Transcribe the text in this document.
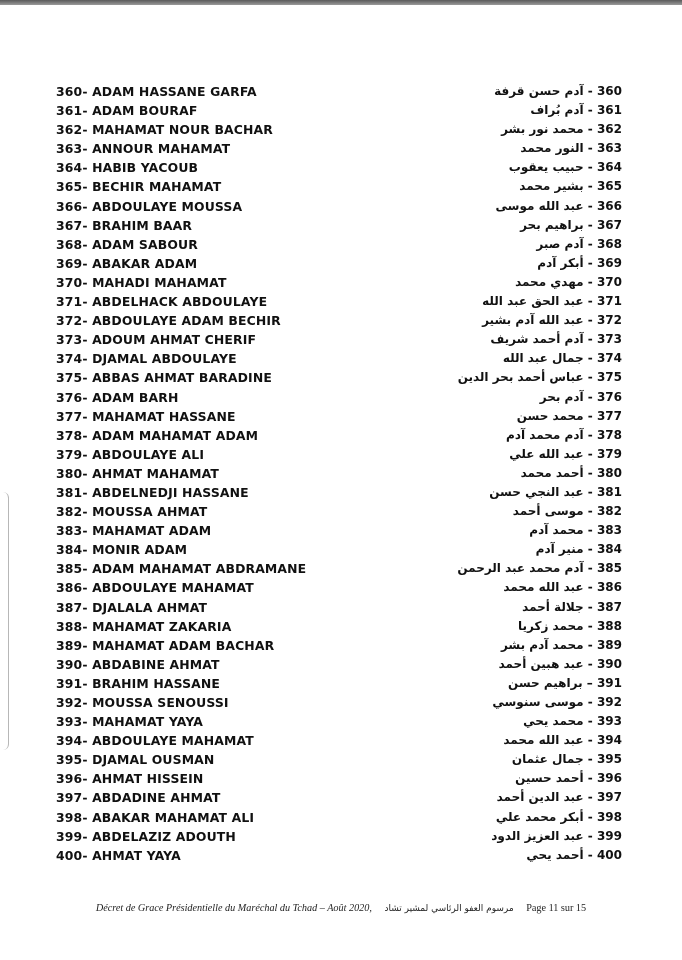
360- ADAM HASSANE GARFA	360 - آدم حسن قرفة
361- ADAM BOURAF	361 - آدم بُراف
362- MAHAMAT NOUR BACHAR	362 - محمد نور بشر
363- ANNOUR MAHAMAT	363 - النور محمد
364- HABIB YACOUB	364 - حبيب يعقوب
365- BECHIR MAHAMAT	365 - بشير محمد
366- ABDOULAYE MOUSSA	366 - عبد الله موسى
367- BRAHIM BAAR	367 - براهيم بحر
368- ADAM SABOUR	368 - آدم صبر
369- ABAKAR ADAM	369 - أبكر آدم
370- MAHADI MAHAMAT	370 - مهدي محمد
371- ABDELHACK ABDOULAYE	371 - عبد الحق عبد الله
372- ABDOULAYE ADAM BECHIR	372 - عبد الله آدم بشير
373- ADOUM AHMAT CHERIF	373 - آدم أحمد شريف
374- DJAMAL ABDOULAYE	374 - جمال عبد الله
375- ABBAS AHMAT BARADINE	375 - عباس أحمد بحر الدين
376- ADAM BARH	376 - آدم بحر
377- MAHAMAT HASSANE	377 - محمد حسن
378- ADAM MAHAMAT ADAM	378 - آدم محمد آدم
379- ABDOULAYE ALI	379 - عبد الله علي
380- AHMAT MAHAMAT	380 - أحمد محمد
381- ABDELNEDJI HASSANE	381 - عبد النجي حسن
382- MOUSSA AHMAT	382 - موسى أحمد
383- MAHAMAT ADAM	383 - محمد آدم
384- MONIR ADAM	384 - منير آدم
385- ADAM MAHAMAT ABDRAMANE	385 - آدم محمد عبد الرحمن
386- ABDOULAYE MAHAMAT	386 - عبد الله محمد
387- DJALALA AHMAT	387 - جلالة أحمد
388- MAHAMAT ZAKARIA	388 - محمد زكريا
389- MAHAMAT ADAM BACHAR	389 - محمد آدم بشر
390- ABDABINE AHMAT	390 - عبد هبين أحمد
391- BRAHIM HASSANE	391 – براهيم حسن
392- MOUSSA SENOUSSI	392 - موسى سنوسي
393- MAHAMAT YAYA	393 - محمد يحي
394- ABDOULAYE MAHAMAT	394 - عبد الله محمد
395- DJAMAL OUSMAN	395 - جمال عثمان
396- AHMAT HISSEIN	396 - أحمد حسين
397- ABDADINE AHMAT	397 - عبد الدين أحمد
398- ABAKAR MAHAMAT ALI	398 - أبكر محمد علي
399- ABDELAZIZ ADOUTH	399 - عبد العزيز الدود
400- AHMAT YAYA	400 - أحمد يحي
Décret de Grace Présidentielle du Maréchal du Tchad – Août 2020, مرسوم العفو الرئاسي لمشير تشاد Page 11 sur 15
